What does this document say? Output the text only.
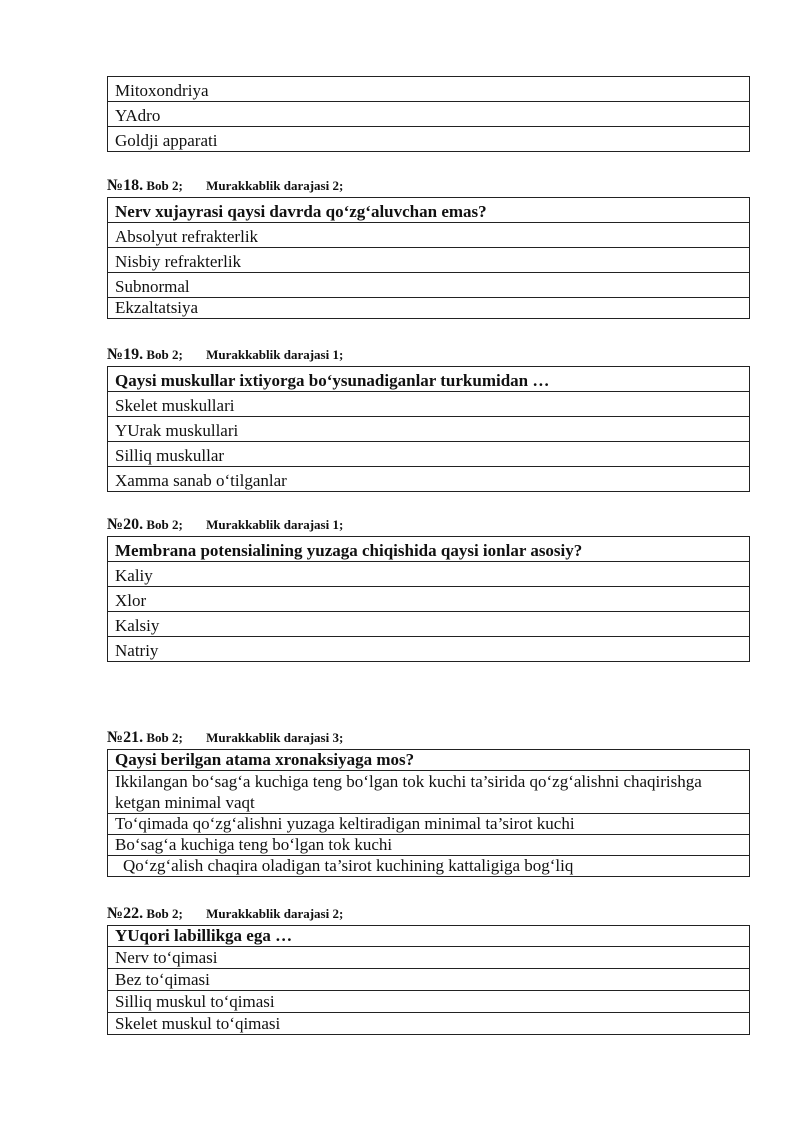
Mitoxondriya
YAdro
Goldji apparati
№18. Bob 2; Murakkablik darajasi 2;
Nerv xujayrasi qaysi davrda qo‘zg‘aluvchan emas?
Absolyut refrakterlik
Nisbiy refrakterlik
Subnormal
Ekzaltatsiya
№19. Bob 2; Murakkablik darajasi 1;
Qaysi muskullar ixtiyorga bo‘ysunadiganlar turkumidan …
Skelet muskullari
YUrak muskullari
Silliq muskullar
Xamma sanab o‘tilganlar
№20. Bob 2; Murakkablik darajasi 1;
Membrana potensialining yuzaga chiqishida qaysi ionlar asosiy?
Kaliy
Xlor
Kalsiy
Natriy
№21. Bob 2; Murakkablik darajasi 3;
Qaysi berilgan atama xronaksiyaga mos?
Ikkilangan bo‘sag‘a kuchiga teng bo‘lgan tok kuchi ta’sirida qo‘zg‘alishni chaqirishga ketgan minimal vaqt
To‘qimada qo‘zg‘alishni yuzaga keltiradigan minimal ta’sirot kuchi
Bo‘sag‘a kuchiga teng bo‘lgan tok kuchi
Qo‘zg‘alish chaqira oladigan ta’sirot kuchining kattaligiga bog‘liq
№22. Bob 2; Murakkablik darajasi 2;
YUqori labillikga ega …
Nerv to‘qimasi
Bez to‘qimasi
Silliq muskul to‘qimasi
Skelet muskul to‘qimasi
